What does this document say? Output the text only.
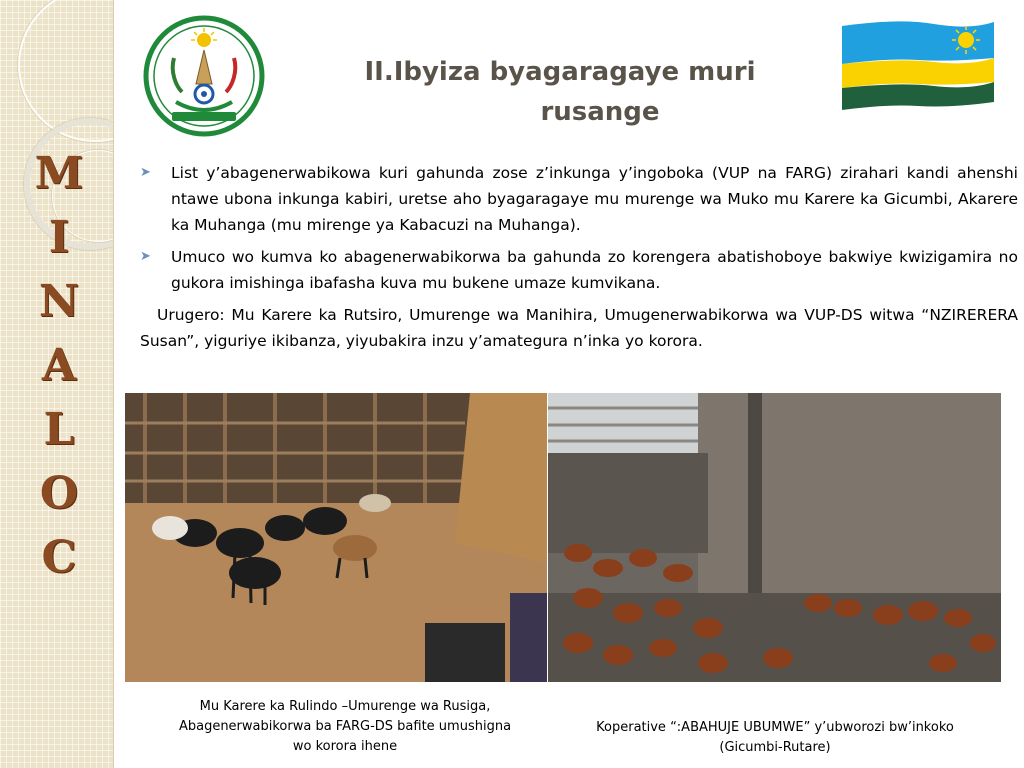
M
I
N
A
L
O
C
II.Ibyiza byagaragaye muri
rusange
➤ List y’abagenerwabikowa kuri gahunda zose z’inkunga y’ingoboka (VUP na FARG) zirahari kandi ahenshi ntawe ubona inkunga kabiri, uretse aho byagaragaye mu murenge wa Muko mu Karere ka Gicumbi, Akarere ka Muhanga (mu mirenge ya Kabacuzi na Muhanga).
➤ Umuco wo kumva ko abagenerwabikorwa ba gahunda zo korengera abatishoboye bakwiye kwizigamira no gukora imishinga ibafasha kuva mu bukene umaze kumvikana.

Urugero: Mu Karere ka Rutsiro, Umurenge wa Manihira, Umugenerwabikorwa wa VUP-DS witwa “NZIRERERA Susan”, yiguriye ikibanza, yiyubakira inzu y’amategura n’inka yo korora.

Mu Karere ka Rulindo –Umurenge wa Rusiga,
Abagenerwabikorwa ba FARG-DS bafite umushigna
wo korora ihene
Koperative “:ABAHUJE UBUMWE” y’ubworozi bw’inkoko
(Gicumbi-Rutare)
